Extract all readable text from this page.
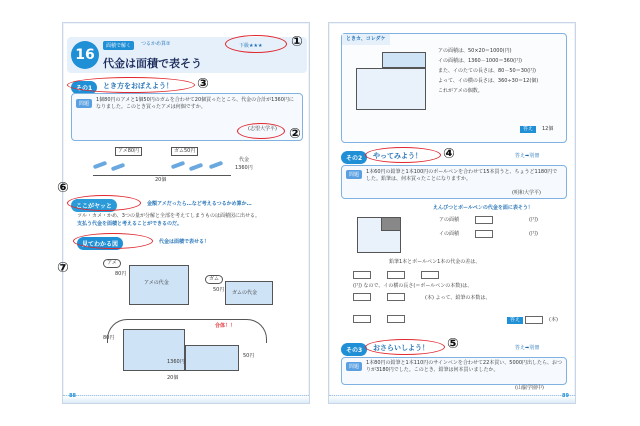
16
面積で解く	つるかめ算②	下級★★★
代金は面積で表そう
その1	とき方をおぼえよう！
問題
1個80円のアメと1個50円のガムを合わせて20個買ったところ、代金の合計が1360円になりました。このとき買ったアメは何個ですか。
(志望大学平)
アメ80円	ガム50円
20個
代金
1360円
ここがヤッと	金額アメだったら…など考えるつるかめ算か…
ツル・カメ・かめ、3つの量が分解と全部を考えてしまうものは面積図に出せる。
支払う代金を面積と考えることができるのだ。
見てわかる図	代金は面積で表せる！
アメ
80円
アメの代金
ガム
50円 ガムの代金
合体！！
80円
50円
1360円
20個
88
①
②
③
⑥
⑦
ときカ、コレダケ
アの面積は、50×20＝1000(円)
イの面積は、1360－1000＝360(円)
また、イのたての長さは、80－50＝30(円)
よって、イの横の長さは、360÷30＝12(個)
これがアメの個数。
答え	12個
その2	やってみよう！	答え➡別冊
問題	1本60円の鉛筆と1本100円のボールペンを合わせて15本買うと、ちょうど1180円でした。鉛筆は、何本買ったことになりますか。
(明和大学平)
えんぴつとボールペンの代金を面に表そう！
アの面積	(円)
イの面積	(円)
鉛筆1本とボールペン1本の代金の差は、
(円) なので、イの横の長さ(＝ボールペンの本数)は、
(本) よって、鉛筆の本数は、
答え	(本)
その3	おさらいしよう！	答え➡別冊
問題
1本80円の鉛筆と1本110円のサインペンを合わせて22本買い、5000円出したら、おつりが3180円でした。このとき、鉛筆は何本買いましたか。
(山脇学園中)
89
④
⑤
